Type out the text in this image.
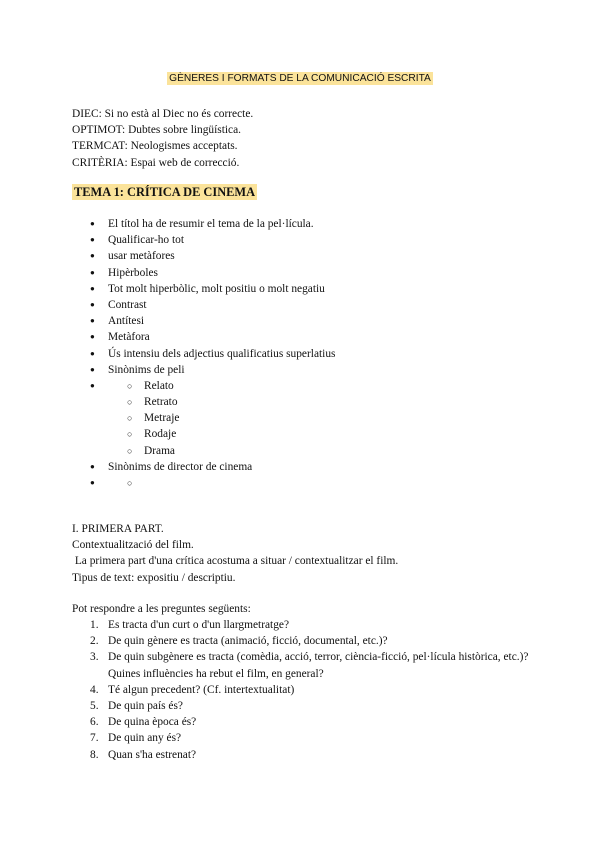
GÈNERES I FORMATS DE LA COMUNICACIÓ ESCRITA
DIEC: Si no està al Diec no és correcte.
OPTIMOT: Dubtes sobre lingüística.
TERMCAT: Neologismes acceptats.
CRITÈRIA: Espai web de correcció.
TEMA 1: CRÍTICA DE CINEMA
● El títol ha de resumir el tema de la pel·lícula.
● Qualificar-ho tot
● usar metàfores
● Hipèrboles
● Tot molt hiperbòlic, molt positiu o molt negatiu
● Contrast
● Antítesi
● Metàfora
● Ús intensiu dels adjectius qualificatius superlatius
● Sinònims de peli
○ ● Relato
○ Retrato
○ Metraje
○ Rodaje
○ Drama
● Sinònims de director de cinema
●
○
I. PRIMERA PART.
Contextualització del film.
La primera part d'una crítica acostuma a situar / contextualitzar el film.
Tipus de text: expositiu / descriptiu.
Pot respondre a les preguntes següents:
1. Es tracta d'un curt o d'un llargmetratge?
2. De quin gènere es tracta (animació, ficció, documental, etc.)?
3. De quin subgènere es tracta (comèdia, acció, terror, ciència-ficció, pel·lícula històrica, etc.)? Quines influències ha rebut el film, en general?
4. Té algun precedent? (Cf. intertextualitat)
5. De quin país és?
6. De quina època és?
7. De quin any és?
8. Quan s'ha estrenat?
